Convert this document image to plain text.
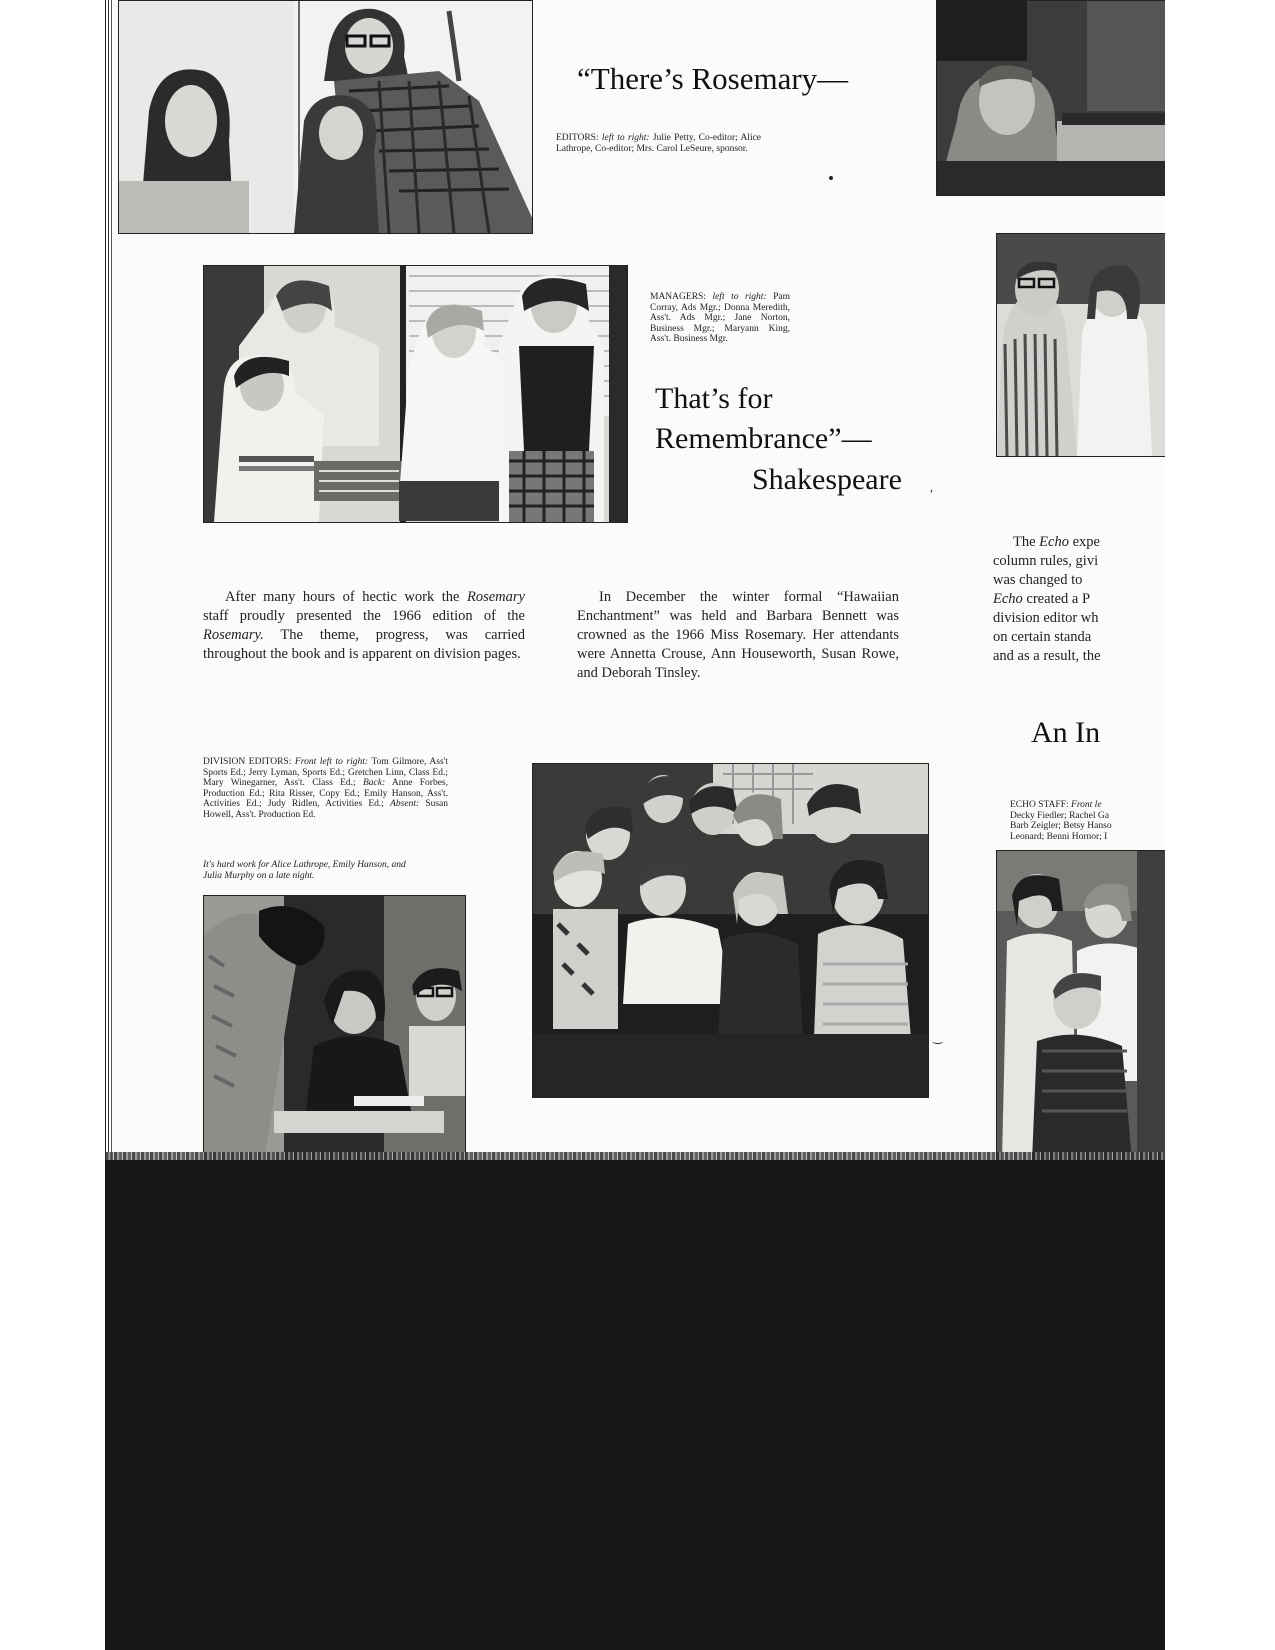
“There’s Rosemary—
EDITORS: left to right: Julie Petty, Co-editor; Alice Lathrope, Co-editor; Mrs. Carol LeSeure, sponsor.
MANAGERS: left to right: Pam Corray, Ads Mgr.; Donna Meredith, Ass't. Ads Mgr.; Jane Norton, Business Mgr.; Maryann King, Ass't. Business Mgr.
That’s for
Remembrance”—
Shakespeare ,

After many hours of hectic work the Rosemary staff proudly presented the 1966 edition of the Rosemary. The theme, progress, was carried throughout the book and is apparent on division pages.

In December the winter formal “Hawaiian Enchantment” was held and Barbara Bennett was crowned as the 1966 Miss Rosemary. Her attendants were Annetta Crouse, Ann Houseworth, Susan Rowe, and Deborah Tinsley.

The Echo expe
column rules, givi
was changed to
Echo created a P
division editor wh
on certain standa
and as a result, the
An In
DIVISION EDITORS: Front left to right: Tom Gilmore, Ass't Sports Ed.; Jerry Lyman, Sports Ed.; Gretchen Linn, Class Ed.; Mary Winegarner, Ass't. Class Ed.; Back: Anne Forbes, Production Ed.; Rita Risser, Copy Ed.; Emily Hanson, Ass't. Activities Ed.; Judy Ridlen, Activities Ed.; Absent: Susan Howell, Ass't. Production Ed.
It's hard work for Alice Lathrope, Emily Hanson, and Julia Murphy on a late night.
‿
ECHO STAFF: Front le
Decky Fiedler; Rachel Ga
Barb Zeigler; Betsy Hanso
Leonard; Benni Hornor; I
